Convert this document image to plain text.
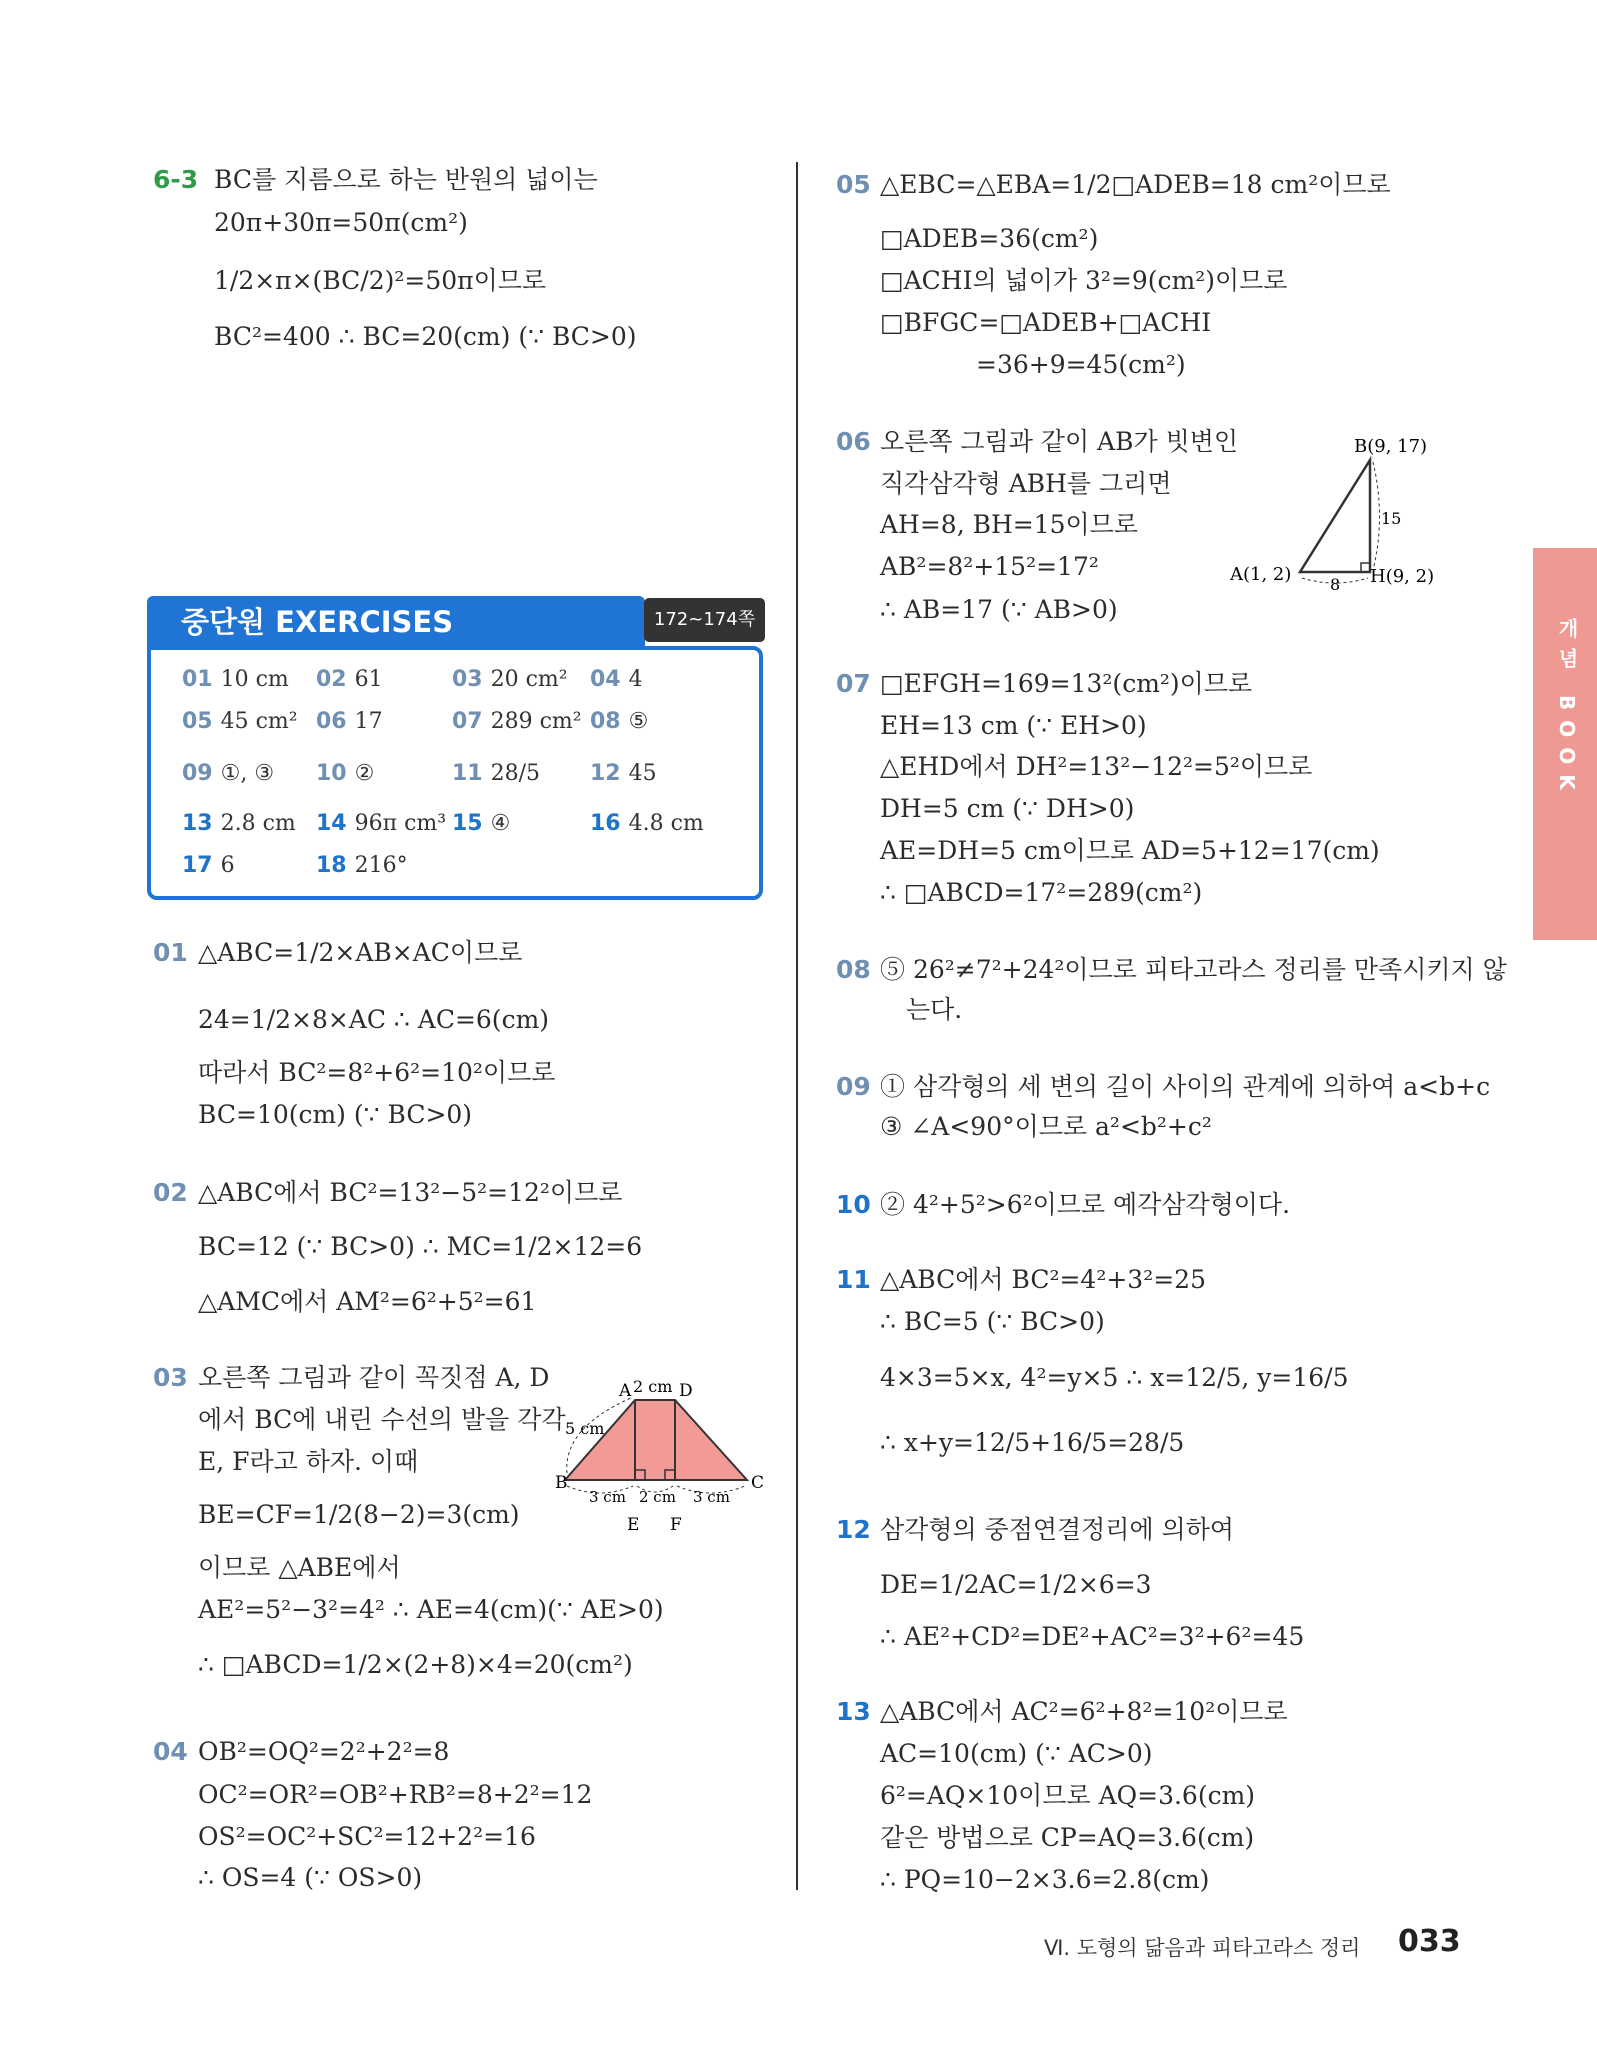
6-3 BC를 지름으로 하는 반원의 넓이는
20π+30π=50π(cm²)
1/2×π×(BC/2)²=50π이므로
BC²=400 ∴ BC=20(cm) (∵ BC>0)
중단원 EXERCISES	172~174쪽
01 10 cm 02 61	03 20 cm² 04 4
05 45 cm² 06 17	07 289 cm² 08 ⑤
09 ①, ③ 10 ②	11 28/5 12 45
13 2.8 cm 14 96π cm³ 15 ④	16 4.8 cm
17 6	18 216°
01 △ABC=1/2×AB×AC이므로
24=1/2×8×AC ∴ AC=6(cm)
따라서 BC²=8²+6²=10²이므로
BC=10(cm) (∵ BC>0)
02 △ABC에서 BC²=13²−5²=12²이므로
BC=12 (∵ BC>0) ∴ MC=1/2×12=6
△AMC에서 AM²=6²+5²=61
03 오른쪽 그림과 같이 꼭짓점 A, D
에서 BC에 내린 수선의 발을 각각
E, F라고 하자. 이때
BE=CF=1/2(8−2)=3(cm)
이므로 △ABE에서
AE²=5²−3²=4² ∴ AE=4(cm)(∵ AE>0)
∴ □ABCD=1/2×(2+8)×4=20(cm²)
A 2 cm D
5 cm
B	C
3 cm 2 cm 3 cm
E F
04 OB²=OQ²=2²+2²=8
OC²=OR²=OB²+RB²=8+2²=12
OS²=OC²+SC²=12+2²=16
∴ OS=4 (∵ OS>0)
05 △EBC=△EBA=1/2□ADEB=18 cm²이므로
□ADEB=36(cm²)
□ACHI의 넓이가 3²=9(cm²)이므로
□BFGC=□ADEB+□ACHI
=36+9=45(cm²)
06 오른쪽 그림과 같이 AB가 빗변인
직각삼각형 ABH를 그리면
AH=8, BH=15이므로
AB²=8²+15²=17²
∴ AB=17 (∵ AB>0)
B(9, 17)
A(1, 2)	H(9, 2)
15
8
07 □EFGH=169=13²(cm²)이므로
EH=13 cm (∵ EH>0)
△EHD에서 DH²=13²−12²=5²이므로
DH=5 cm (∵ DH>0)
AE=DH=5 cm이므로 AD=5+12=17(cm)
∴ □ABCD=17²=289(cm²)
08 ⑤ 26²≠7²+24²이므로 피타고라스 정리를 만족시키지 않
는다.
09 ① 삼각형의 세 변의 길이 사이의 관계에 의하여 a<b+c
③ ∠A<90°이므로 a²<b²+c²
10 ② 4²+5²>6²이므로 예각삼각형이다.
11 △ABC에서 BC²=4²+3²=25
∴ BC=5 (∵ BC>0)
4×3=5×x, 4²=y×5 ∴ x=12/5, y=16/5
∴ x+y=12/5+16/5=28/5
12 삼각형의 중점연결정리에 의하여
DE=1/2AC=1/2×6=3
∴ AE²+CD²=DE²+AC²=3²+6²=45
13 △ABC에서 AC²=6²+8²=10²이므로
AC=10(cm) (∵ AC>0)
6²=AQ×10이므로 AQ=3.6(cm)
같은 방법으로 CP=AQ=3.6(cm)
∴ PQ=10−2×3.6=2.8(cm)
개념 BOOK
Ⅵ. 도형의 닮음과 피타고라스 정리 033
